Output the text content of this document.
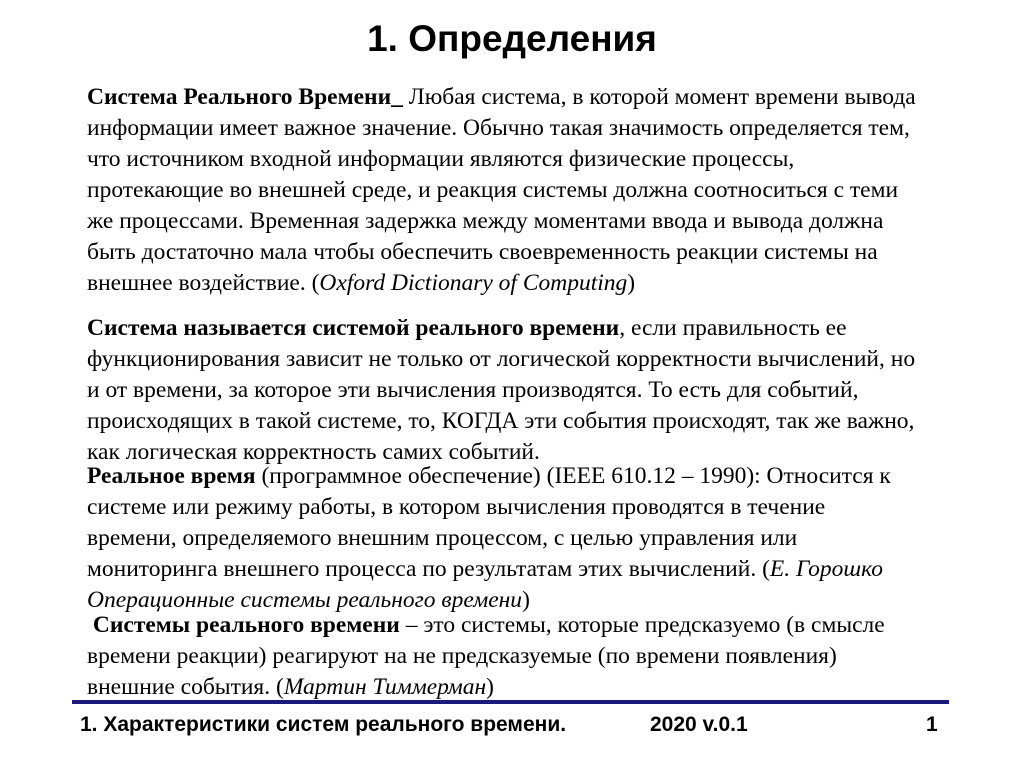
1. Определения
Система Реального Времени_ Любая система, в которой момент времени вывода
информации имеет важное значение. Обычно такая значимость определяется тем,
что источником входной информации являются физические процессы,
протекающие во внешней среде, и реакция системы должна соотноситься с теми
же процессами. Временная задержка между моментами ввода и вывода должна
быть достаточно мала чтобы обеспечить своевременность реакции системы на
внешнее воздействие. (Oxford Dictionary of Computing)
Система называется системой реального времени, если правильность ее
функционирования зависит не только от логической корректности вычислений, но
и от времени, за которое эти вычисления производятся. То есть для событий,
происходящих в такой системе, то, КОГДА эти события происходят, так же важно,
как логическая корректность самих событий.
Реальное время (программное обеспечение) (IEEE 610.12 – 1990): Относится к
системе или режиму работы, в котором вычисления проводятся в течение
времени, определяемого внешним процессом, с целью управления или
мониторинга внешнего процесса по результатам этих вычислений. (Е. Горошко
Операционные системы реального времени)
Системы реального времени – это системы, которые предсказуемо (в смысле
времени реакции) реагируют на не предсказуемые (по времени появления)
внешние события. (Мартин Тиммерман)
1. Характеристики систем реального времени.	2020 v.0.1	1
